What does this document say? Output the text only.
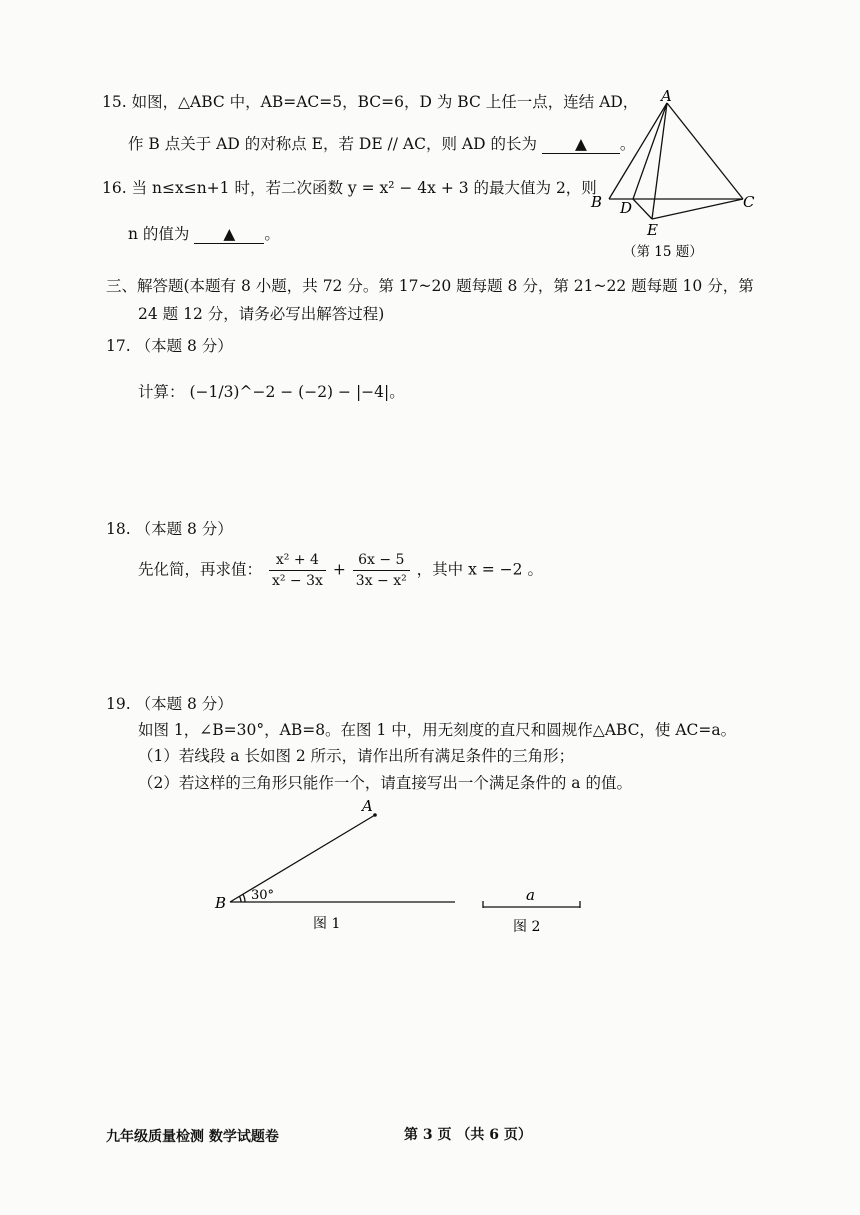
15. 如图，△ABC 中，AB=AC=5，BC=6，D 为 BC 上任一点，连结 AD，
作 B 点关于 AD 的对称点 E，若 DE // AC，则 AD 的长为 ▲ 。
A
B	C
D
E
（第 15 题）
16. 当 n≤x≤n+1 时，若二次函数 y = x² − 4x + 3 的最大值为 2，则
n 的值为 ▲ 。
三、解答题(本题有 8 小题，共 72 分。第 17~20 题每题 8 分，第 21~22 题每题 10 分，第
24 题 12 分，请务必写出解答过程)
17. （本题 8 分）
计算： (−1/3)^−2 − (−2) − |−4|。
18. （本题 8 分）
先化简，再求值： $\frac{\text{x² + 4}}{\text{x² − 3x}} + \frac{6x - 5}{\text{3x − x²}}$ ，其中 x = −2 。
19. （本题 8 分）
如图 1，∠B=30°，AB=8。在图 1 中，用无刻度的直尺和圆规作△ABC，使 AC=a。
（1）若线段 a 长如图 2 所示，请作出所有满足条件的三角形；
（2）若这样的三角形只能作一个，请直接写出一个满足条件的 a 的值。
A
B 30°	a
图 1	图 2
九年级质量检测 数学试题卷	第 3 页 （共 6 页）
